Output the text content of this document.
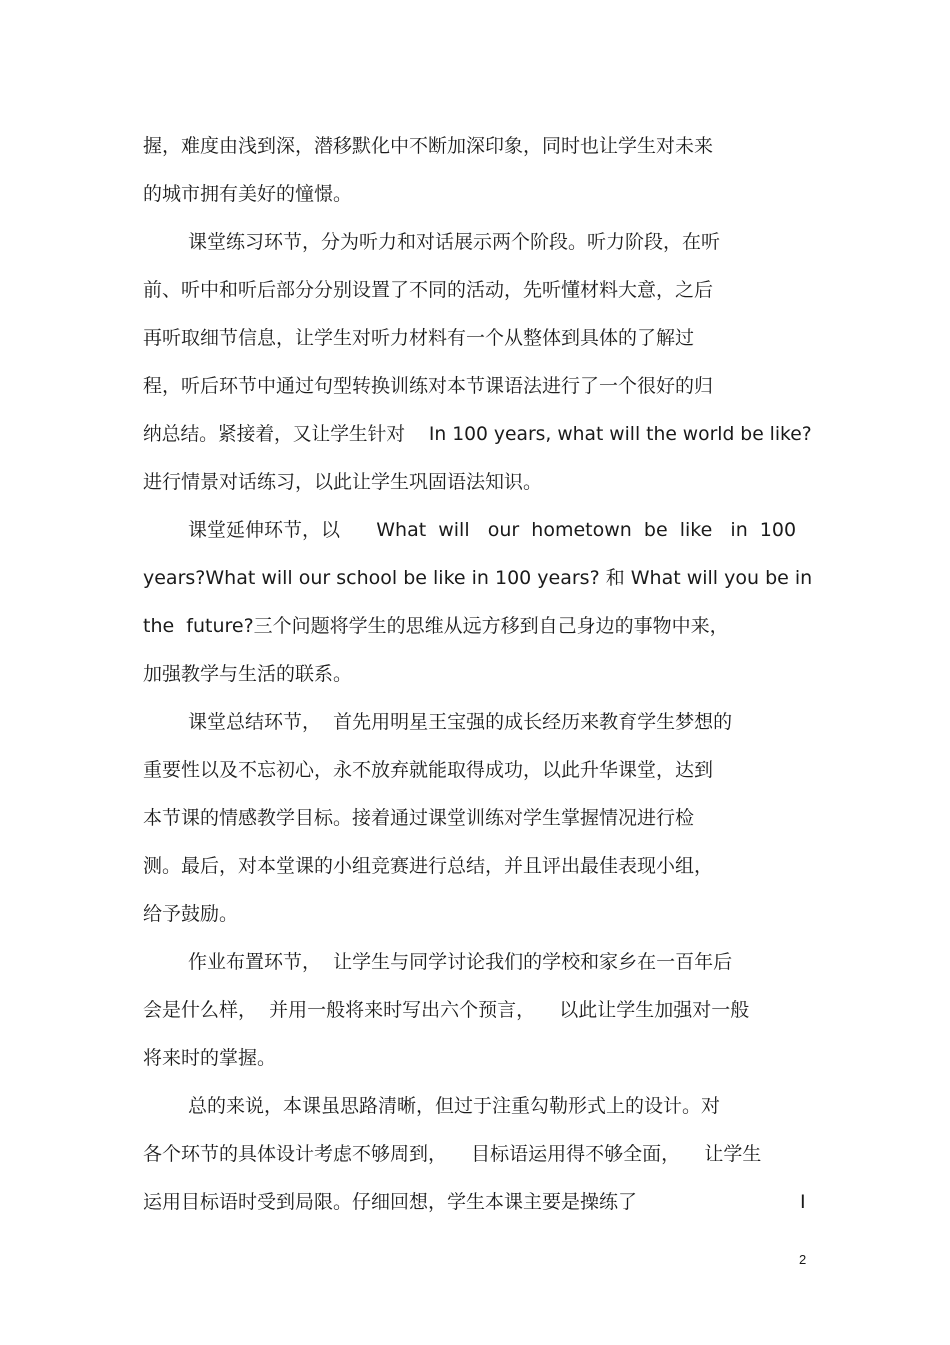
握，难度由浅到深，潜移默化中不断加深印象，同时也让学生对未来
的城市拥有美好的憧憬。
课堂练习环节，分为听力和对话展示两个阶段。听力阶段，在听
前、听中和听后部分分别设置了不同的活动，先听懂材料大意，之后
再听取细节信息，让学生对听力材料有一个从整体到具体的了解过
程，听后环节中通过句型转换训练对本节课语法进行了一个很好的归
纳总结。紧接着，又让学生针对    In 100 years, what will the world be like?
进行情景对话练习，以此让学生巩固语法知识。
课堂延伸环节，以      What  will   our  hometown  be  like   in  100
years?What will our school be like in 100 years? 和 What will you be in
the  future?三个问题将学生的思维从远方移到自己身边的事物中来，
加强教学与生活的联系。
课堂总结环节，  首先用明星王宝强的成长经历来教育学生梦想的
重要性以及不忘初心，永不放弃就能取得成功，以此升华课堂，达到
本节课的情感教学目标。接着通过课堂训练对学生掌握情况进行检
测。最后，对本堂课的小组竞赛进行总结，并且评出最佳表现小组，
给予鼓励。
作业布置环节，  让学生与同学讨论我们的学校和家乡在一百年后
会是什么样，  并用一般将来时写出六个预言，    以此让学生加强对一般
将来时的掌握。
总的来说，本课虽思路清晰，但过于注重勾勒形式上的设计。对
各个环节的具体设计考虑不够周到，    目标语运用得不够全面，    让学生
运用目标语时受到局限。仔细回想，学生本课主要是操练了	I
2
